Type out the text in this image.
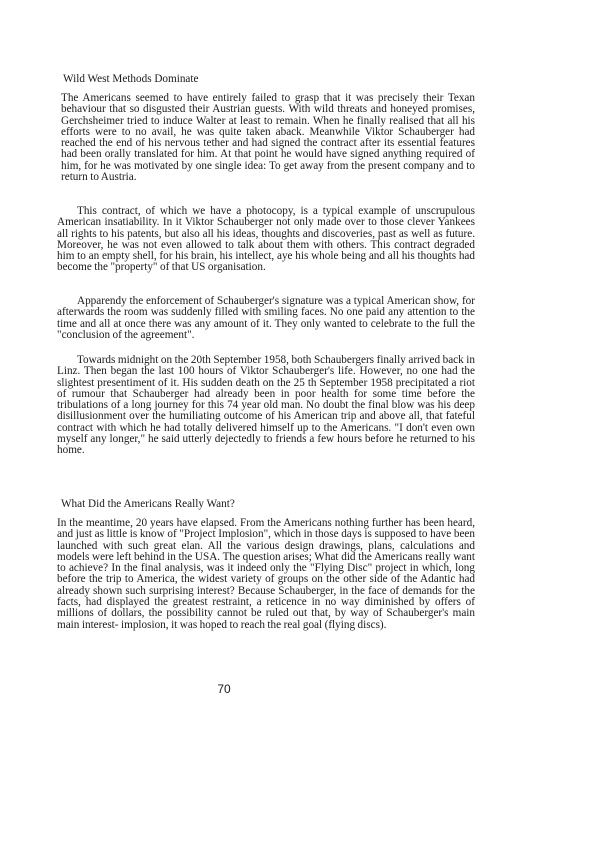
Wild West Methods Dominate

The Americans seemed to have entirely failed to grasp that it was precisely their Texan behaviour that so disgusted their Austrian guests. With wild threats and honeyed promises, Gerchsheimer tried to induce Walter at least to remain. When he finally realised that all his efforts were to no avail, he was quite taken aback. Meanwhile Viktor Schauberger had reached the end of his nervous tether and had signed the contract after its essential features had been orally translated for him. At that point he would have signed anything required of him, for he was motivated by one single idea: To get away from the present company and to return to Austria.

This contract, of which we have a photocopy, is a typical example of unscrupulous American insatiability. In it Viktor Schauberger not only made over to those clever Yankees all rights to his patents, but also all his ideas, thoughts and discoveries, past as well as future. Moreover, he was not even allowed to talk about them with others. This contract degraded him to an empty shell, for his brain, his intellect, aye his whole being and all his thoughts had become the "property" of that US organisation.

Apparendy the enforcement of Schauberger's signature was a typical American show, for afterwards the room was suddenly filled with smiling faces. No one paid any attention to the time and all at once there was any amount of it. They only wanted to celebrate to the full the "conclusion of the agreement".

Towards midnight on the 20th September 1958, both Schaubergers finally arrived back in Linz. Then began the last 100 hours of Viktor Schauberger's life. However, no one had the slightest presentiment of it. His sudden death on the 25 th September 1958 precipitated a riot of rumour that Schauberger had already been in poor health for some time before the tribulations of a long journey for this 74 year old man. No doubt the final blow was his deep disillusionment over the humiliating outcome of his American trip and above all, that fateful contract with which he had totally delivered himself up to the Americans. "I don't even own myself any longer," he said utterly dejectedly to friends a few hours before he returned to his home.

What Did the Americans Really Want?

In the meantime, 20 years have elapsed. From the Americans nothing further has been heard, and just as little is know of "Project Implosion", which in those days is supposed to have been launched with such great elan. All the various design drawings, plans, calculations and models were left behind in the USA. The question arises; What did the Americans really want to achieve? In the final analysis, was it indeed only the "Flying Disc" project in which, long before the trip to America, the widest variety of groups on the other side of the Adantic had already shown such surprising interest? Because Schauberger, in the face of demands for the facts, had displayed the greatest restraint, a reticence in no way diminished by offers of millions of dollars, the possibility cannot be ruled out that, by way of Schauberger's main main interest- implosion, it was hoped to reach the real goal (flying discs).

70
